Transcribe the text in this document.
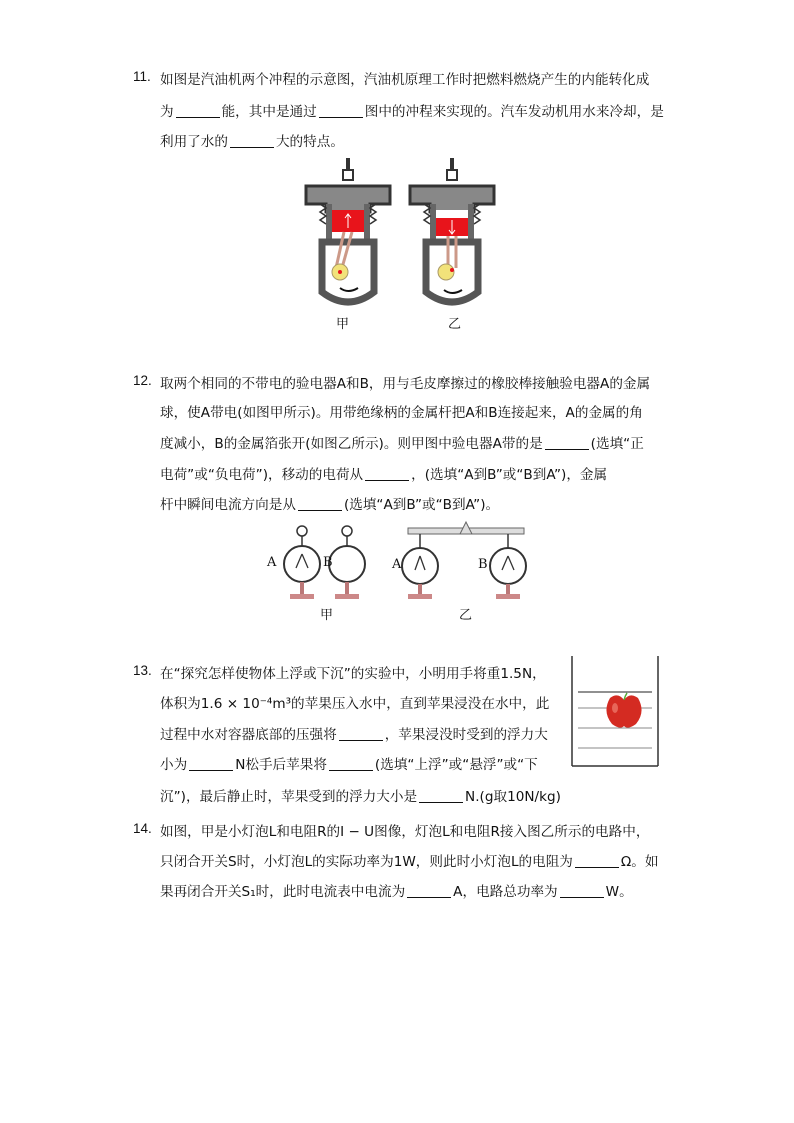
11. 如图是汽油机两个冲程的示意图，汽油机原理工作时把燃料燃烧产生的内能转化成
为	能，其中是通过	图中的冲程来实现的。汽车发动机用水来冷却，是
利用了水的	大的特点。
甲	乙
12. 取两个相同的不带电的验电器A和B，用与毛皮摩擦过的橡胶棒接触验电器A的金属
球，使A带电(如图甲所示)。用带绝缘柄的金属杆把A和B连接起来，A的金属的角
度减小，B的金属箔张开(如图乙所示)。则甲图中验电器A带的是	(选填“正
电荷”或“负电荷”)，移动的电荷从	，(选填“A到B”或“B到A”)，金属
杆中瞬间电流方向是从	(选填“A到B”或“B到A”)。
A	B	A	B
甲	乙
13. 在“探究怎样使物体上浮或下沉”的实验中，小明用手将重1.5N，
体积为1.6 × 10⁻⁴m³的苹果压入水中，直到苹果浸没在水中，此
过程中水对容器底部的压强将	，苹果浸没时受到的浮力大
小为	N松手后苹果将	(选填“上浮”或“悬浮”或“下
沉”)，最后静止时，苹果受到的浮力大小是	N.(g取10N/kg)
14. 如图，甲是小灯泡L和电阻R的I − U图像，灯泡L和电阻R接入图乙所示的电路中，
只闭合开关S时，小灯泡L的实际功率为1W，则此时小灯泡L的电阻为	Ω。如
果再闭合开关S₁时，此时电流表中电流为	A，电路总功率为	W。
